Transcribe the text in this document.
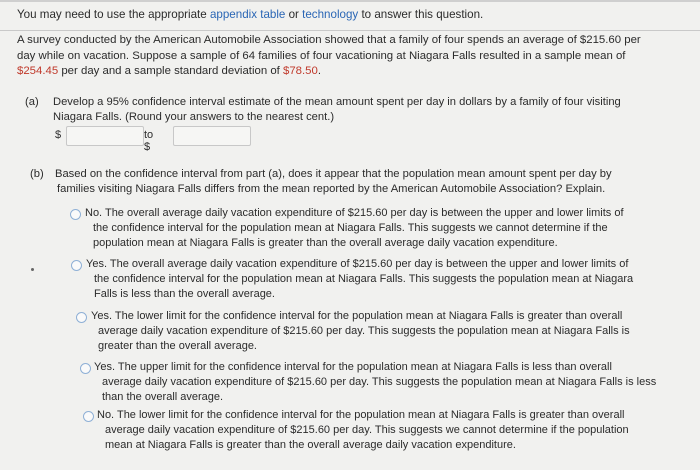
You may need to use the appropriate appendix table or technology to answer this question.
A survey conducted by the American Automobile Association showed that a family of four spends an average of $215.60 per
day while on vacation. Suppose a sample of 64 families of four vacationing at Niagara Falls resulted in a sample mean of
$254.45 per day and a sample standard deviation of $78.50.
(a) Develop a 95% confidence interval estimate of the mean amount spent per day in dollars by a family of four visiting
Niagara Falls. (Round your answers to the nearest cent.)
$	to $
(b) Based on the confidence interval from part (a), does it appear that the population mean amount spent per day by
families visiting Niagara Falls differs from the mean reported by the American Automobile Association? Explain.
No. The overall average daily vacation expenditure of $215.60 per day is between the upper and lower limits of
the confidence interval for the population mean at Niagara Falls. This suggests we cannot determine if the
population mean at Niagara Falls is greater than the overall average daily vacation expenditure.
Yes. The overall average daily vacation expenditure of $215.60 per day is between the upper and lower limits of
the confidence interval for the population mean at Niagara Falls. This suggests the population mean at Niagara
Falls is less than the overall average.
Yes. The lower limit for the confidence interval for the population mean at Niagara Falls is greater than overall
average daily vacation expenditure of $215.60 per day. This suggests the population mean at Niagara Falls is
greater than the overall average.
Yes. The upper limit for the confidence interval for the population mean at Niagara Falls is less than overall
average daily vacation expenditure of $215.60 per day. This suggests the population mean at Niagara Falls is less
than the overall average.
No. The lower limit for the confidence interval for the population mean at Niagara Falls is greater than overall
average daily vacation expenditure of $215.60 per day. This suggests we cannot determine if the population
mean at Niagara Falls is greater than the overall average daily vacation expenditure.
